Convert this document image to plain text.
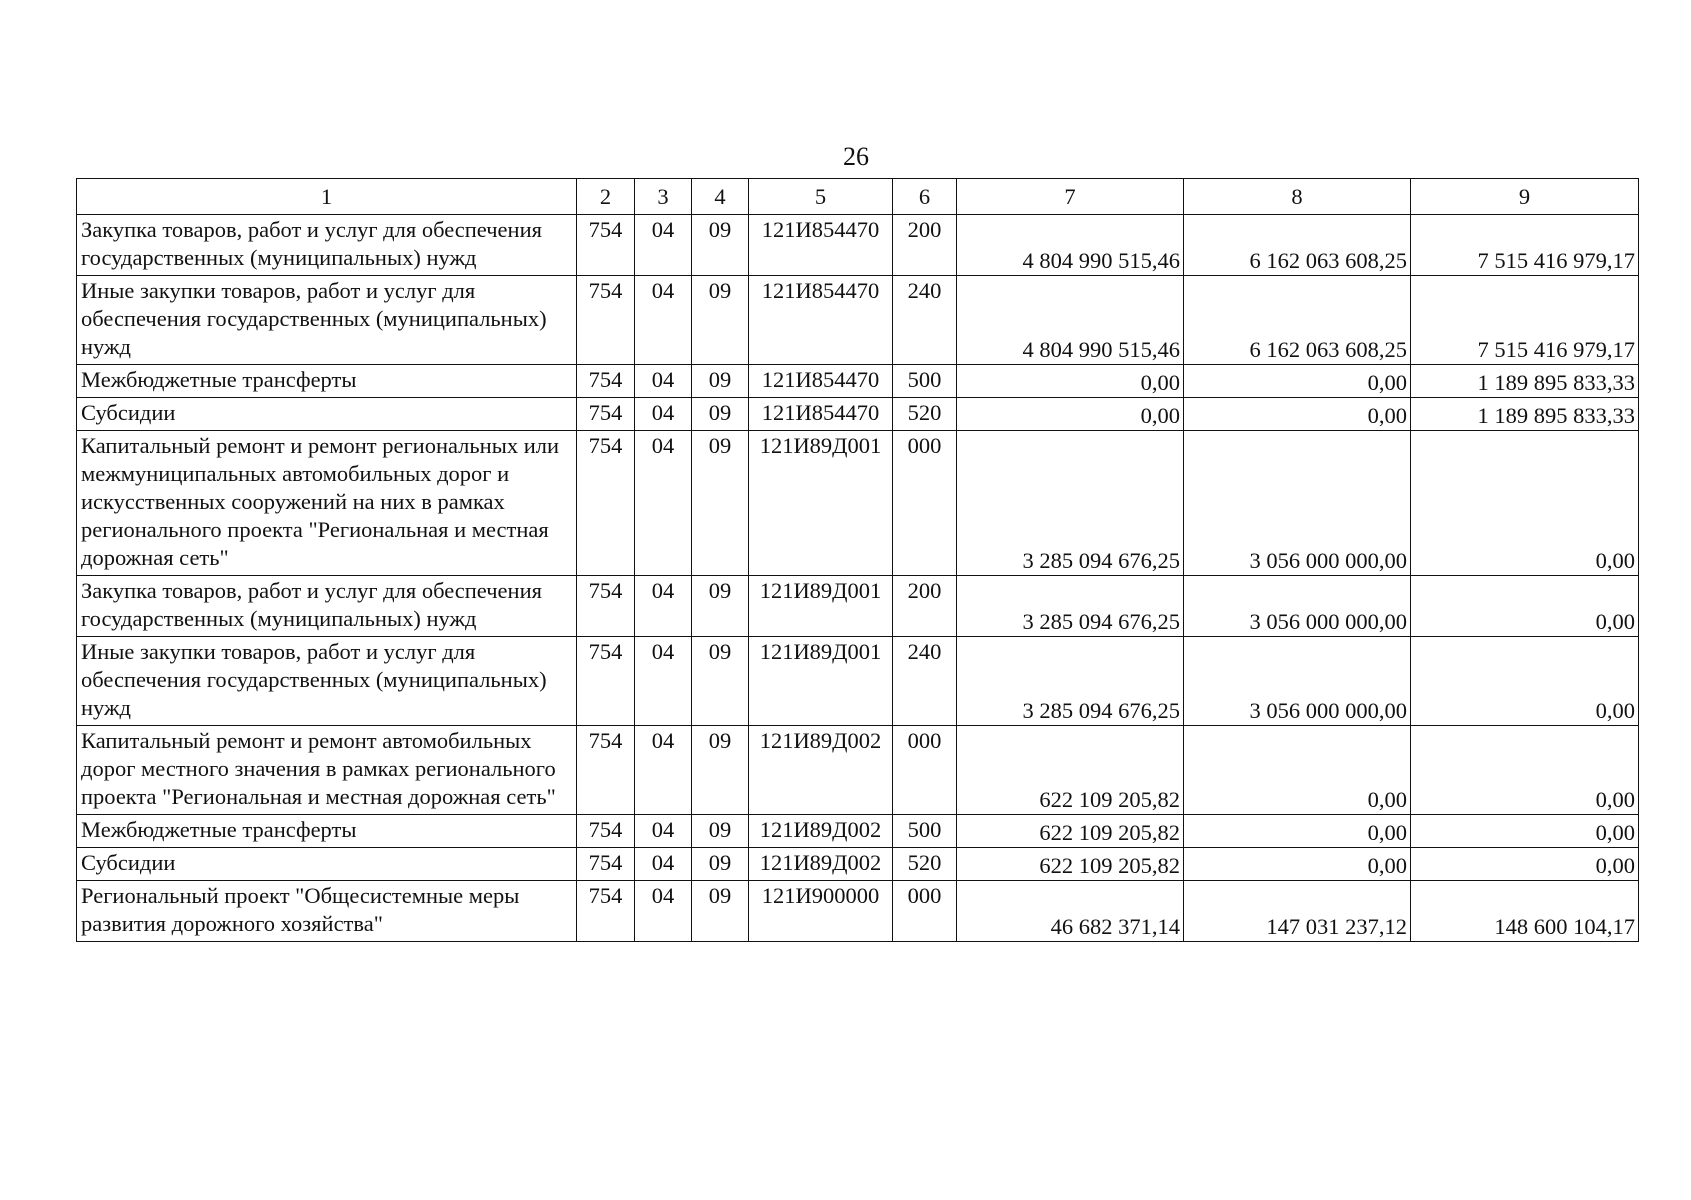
26
1	2	3	4	5	6	7	8	9
Закупка товаров, работ и услуг для обеспечения государственных (муниципальных) нужд	754	04	09	121И854470	200	4 804 990 515,46	6 162 063 608,25	7 515 416 979,17
Иные закупки товаров, работ и услуг для обеспечения государственных (муниципальных) нужд	754	04	09	121И854470	240	4 804 990 515,46	6 162 063 608,25	7 515 416 979,17
Межбюджетные трансферты	754	04	09	121И854470	500	0,00	0,00	1 189 895 833,33
Субсидии	754	04	09	121И854470	520	0,00	0,00	1 189 895 833,33
Капитальный ремонт и ремонт региональных или межмуниципальных автомобильных дорог и искусственных сооружений на них в рамках регионального проекта "Региональная и местная дорожная сеть"	754	04	09	121И89Д001	000	3 285 094 676,25	3 056 000 000,00	0,00
Закупка товаров, работ и услуг для обеспечения государственных (муниципальных) нужд	754	04	09	121И89Д001	200	3 285 094 676,25	3 056 000 000,00	0,00
Иные закупки товаров, работ и услуг для обеспечения государственных (муниципальных) нужд	754	04	09	121И89Д001	240	3 285 094 676,25	3 056 000 000,00	0,00
Капитальный ремонт и ремонт автомобильных дорог местного значения в рамках регионального проекта "Региональная и местная дорожная сеть"	754	04	09	121И89Д002	000	622 109 205,82	0,00	0,00
Межбюджетные трансферты	754	04	09	121И89Д002	500	622 109 205,82	0,00	0,00
Субсидии	754	04	09	121И89Д002	520	622 109 205,82	0,00	0,00
Региональный проект "Общесистемные меры развития дорожного хозяйства"	754	04	09	121И900000	000	46 682 371,14	147 031 237,12	148 600 104,17
